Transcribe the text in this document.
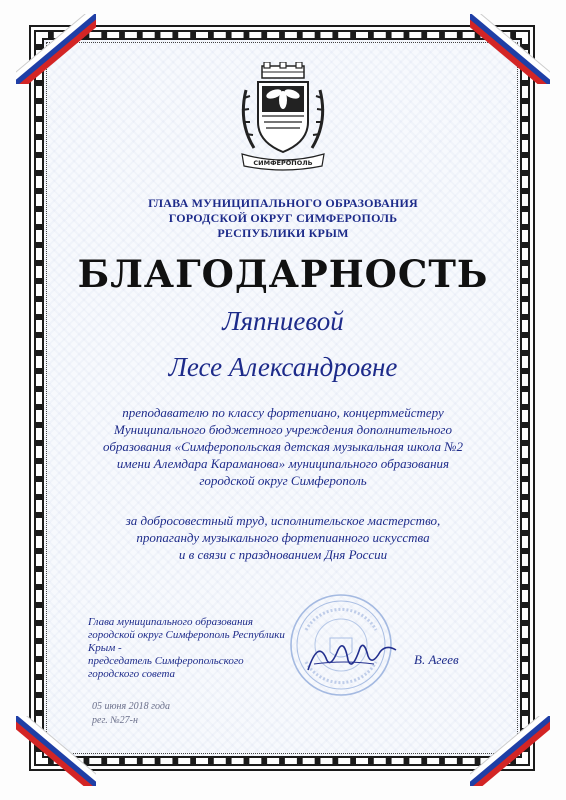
СИМФЕРОПОЛЬ
ГЛАВА МУНИЦИПАЛЬНОГО ОБРАЗОВАНИЯ
ГОРОДСКОЙ ОКРУГ СИМФЕРОПОЛЬ
РЕСПУБЛИКИ КРЫМ
БЛАГОДАРНОСТЬ
Ляпниевой
Лесе Александровне
преподавателю по классу фортепиано, концертмейстеру
Муниципального бюджетного учреждения дополнительного
образования «Симферопольская детская музыкальная школа №2
имени Алемдара Караманова» муниципального образования
городской округ Симферополь
за добросовестный труд, исполнительское мастерство,
пропаганду музыкального фортепианного искусства
и в связи с празднованием Дня России
Глава муниципального образования
городской округ Симферополь Республики Крым -
председатель Симферопольского
городского совета
В. Агеев
05 июня 2018 года
рег. №27-н
